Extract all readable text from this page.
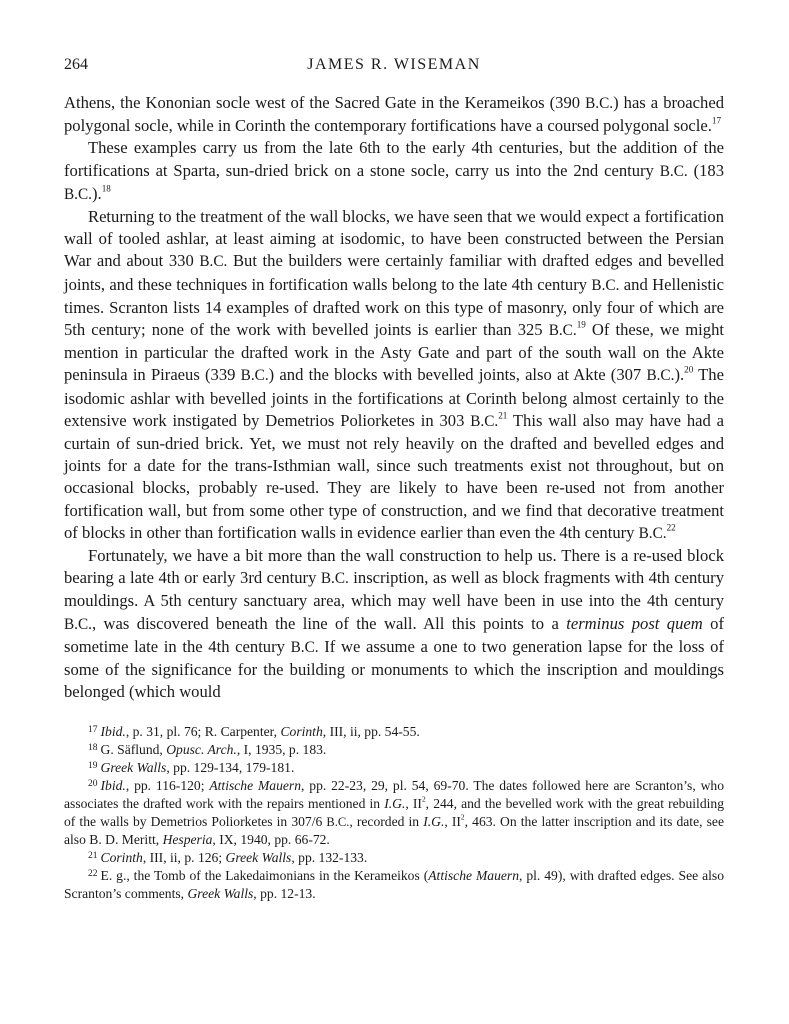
264	JAMES R. WISEMAN

Athens, the Kononian socle west of the Sacred Gate in the Kerameikos (390 B.C.) has a broached polygonal socle, while in Corinth the contemporary fortifications have a coursed polygonal socle.$^{17}$

These examples carry us from the late 6th to the early 4th centuries, but the addition of the fortifications at Sparta, sun-dried brick on a stone socle, carry us into the 2nd century B.C. (183 B.C.).$^{18}$

Returning to the treatment of the wall blocks, we have seen that we would expect a fortification wall of tooled ashlar, at least aiming at isodomic, to have been constructed between the Persian War and about 330 B.C. But the builders were certainly familiar with drafted edges and bevelled joints, and these techniques in fortification walls belong to the late 4th century B.C. and Hellenistic times. Scranton lists 14 examples of drafted work on this type of masonry, only four of which are 5th century; none of the work with bevelled joints is earlier than 325 B.C.$^{19}$ Of these, we might mention in particular the drafted work in the Asty Gate and part of the south wall on the Akte peninsula in Piraeus (339 B.C.) and the blocks with bevelled joints, also at Akte (307 B.C.).$^{20}$ The isodomic ashlar with bevelled joints in the fortifications at Corinth belong almost certainly to the extensive work instigated by Demetrios Poliorketes in 303 B.C.$^{21}$ This wall also may have had a curtain of sun-dried brick. Yet, we must not rely heavily on the drafted and bevelled edges and joints for a date for the trans-Isthmian wall, since such treatments exist not throughout, but on occasional blocks, probably re-used. They are likely to have been re-used not from another fortification wall, but from some other type of construction, and we find that decorative treatment of blocks in other than fortification walls in evidence earlier than even the 4th century B.C.$^{22}$

Fortunately, we have a bit more than the wall construction to help us. There is a re-used block bearing a late 4th or early 3rd century B.C. inscription, as well as block fragments with 4th century mouldings. A 5th century sanctuary area, which may well have been in use into the 4th century B.C., was discovered beneath the line of the wall. All this points to a terminus post quem of sometime late in the 4th century B.C. If we assume a one to two generation lapse for the loss of some of the significance for the building or monuments to which the inscription and mouldings belonged (which would

$^{17}$ Ibid., p. 31, pl. 76; R. Carpenter, Corinth, III, ii, pp. 54-55.

$^{18}$ G. Säflund, Opusc. Arch., I, 1935, p. 183.

$^{19}$ Greek Walls, pp. 129-134, 179-181.

$^{20}$ Ibid., pp. 116-120; Attische Mauern, pp. 22-23, 29, pl. 54, 69-70. The dates followed here are Scranton’s, who associates the drafted work with the repairs mentioned in I.G., $II^2$, 244, and the bevelled work with the great rebuilding of the walls by Demetrios Poliorketes in 307/6 B.C., recorded in I.G., $II^2$, 463. On the latter inscription and its date, see also B. D. Meritt, Hesperia, IX, 1940, pp. 66-72.

$^{21}$ Corinth, III, ii, p. 126; Greek Walls, pp. 132-133.

$^{22}$ E. g., the Tomb of the Lakedaimonians in the Kerameikos (Attische Mauern, pl. 49), with drafted edges. See also Scranton’s comments, Greek Walls, pp. 12-13.
